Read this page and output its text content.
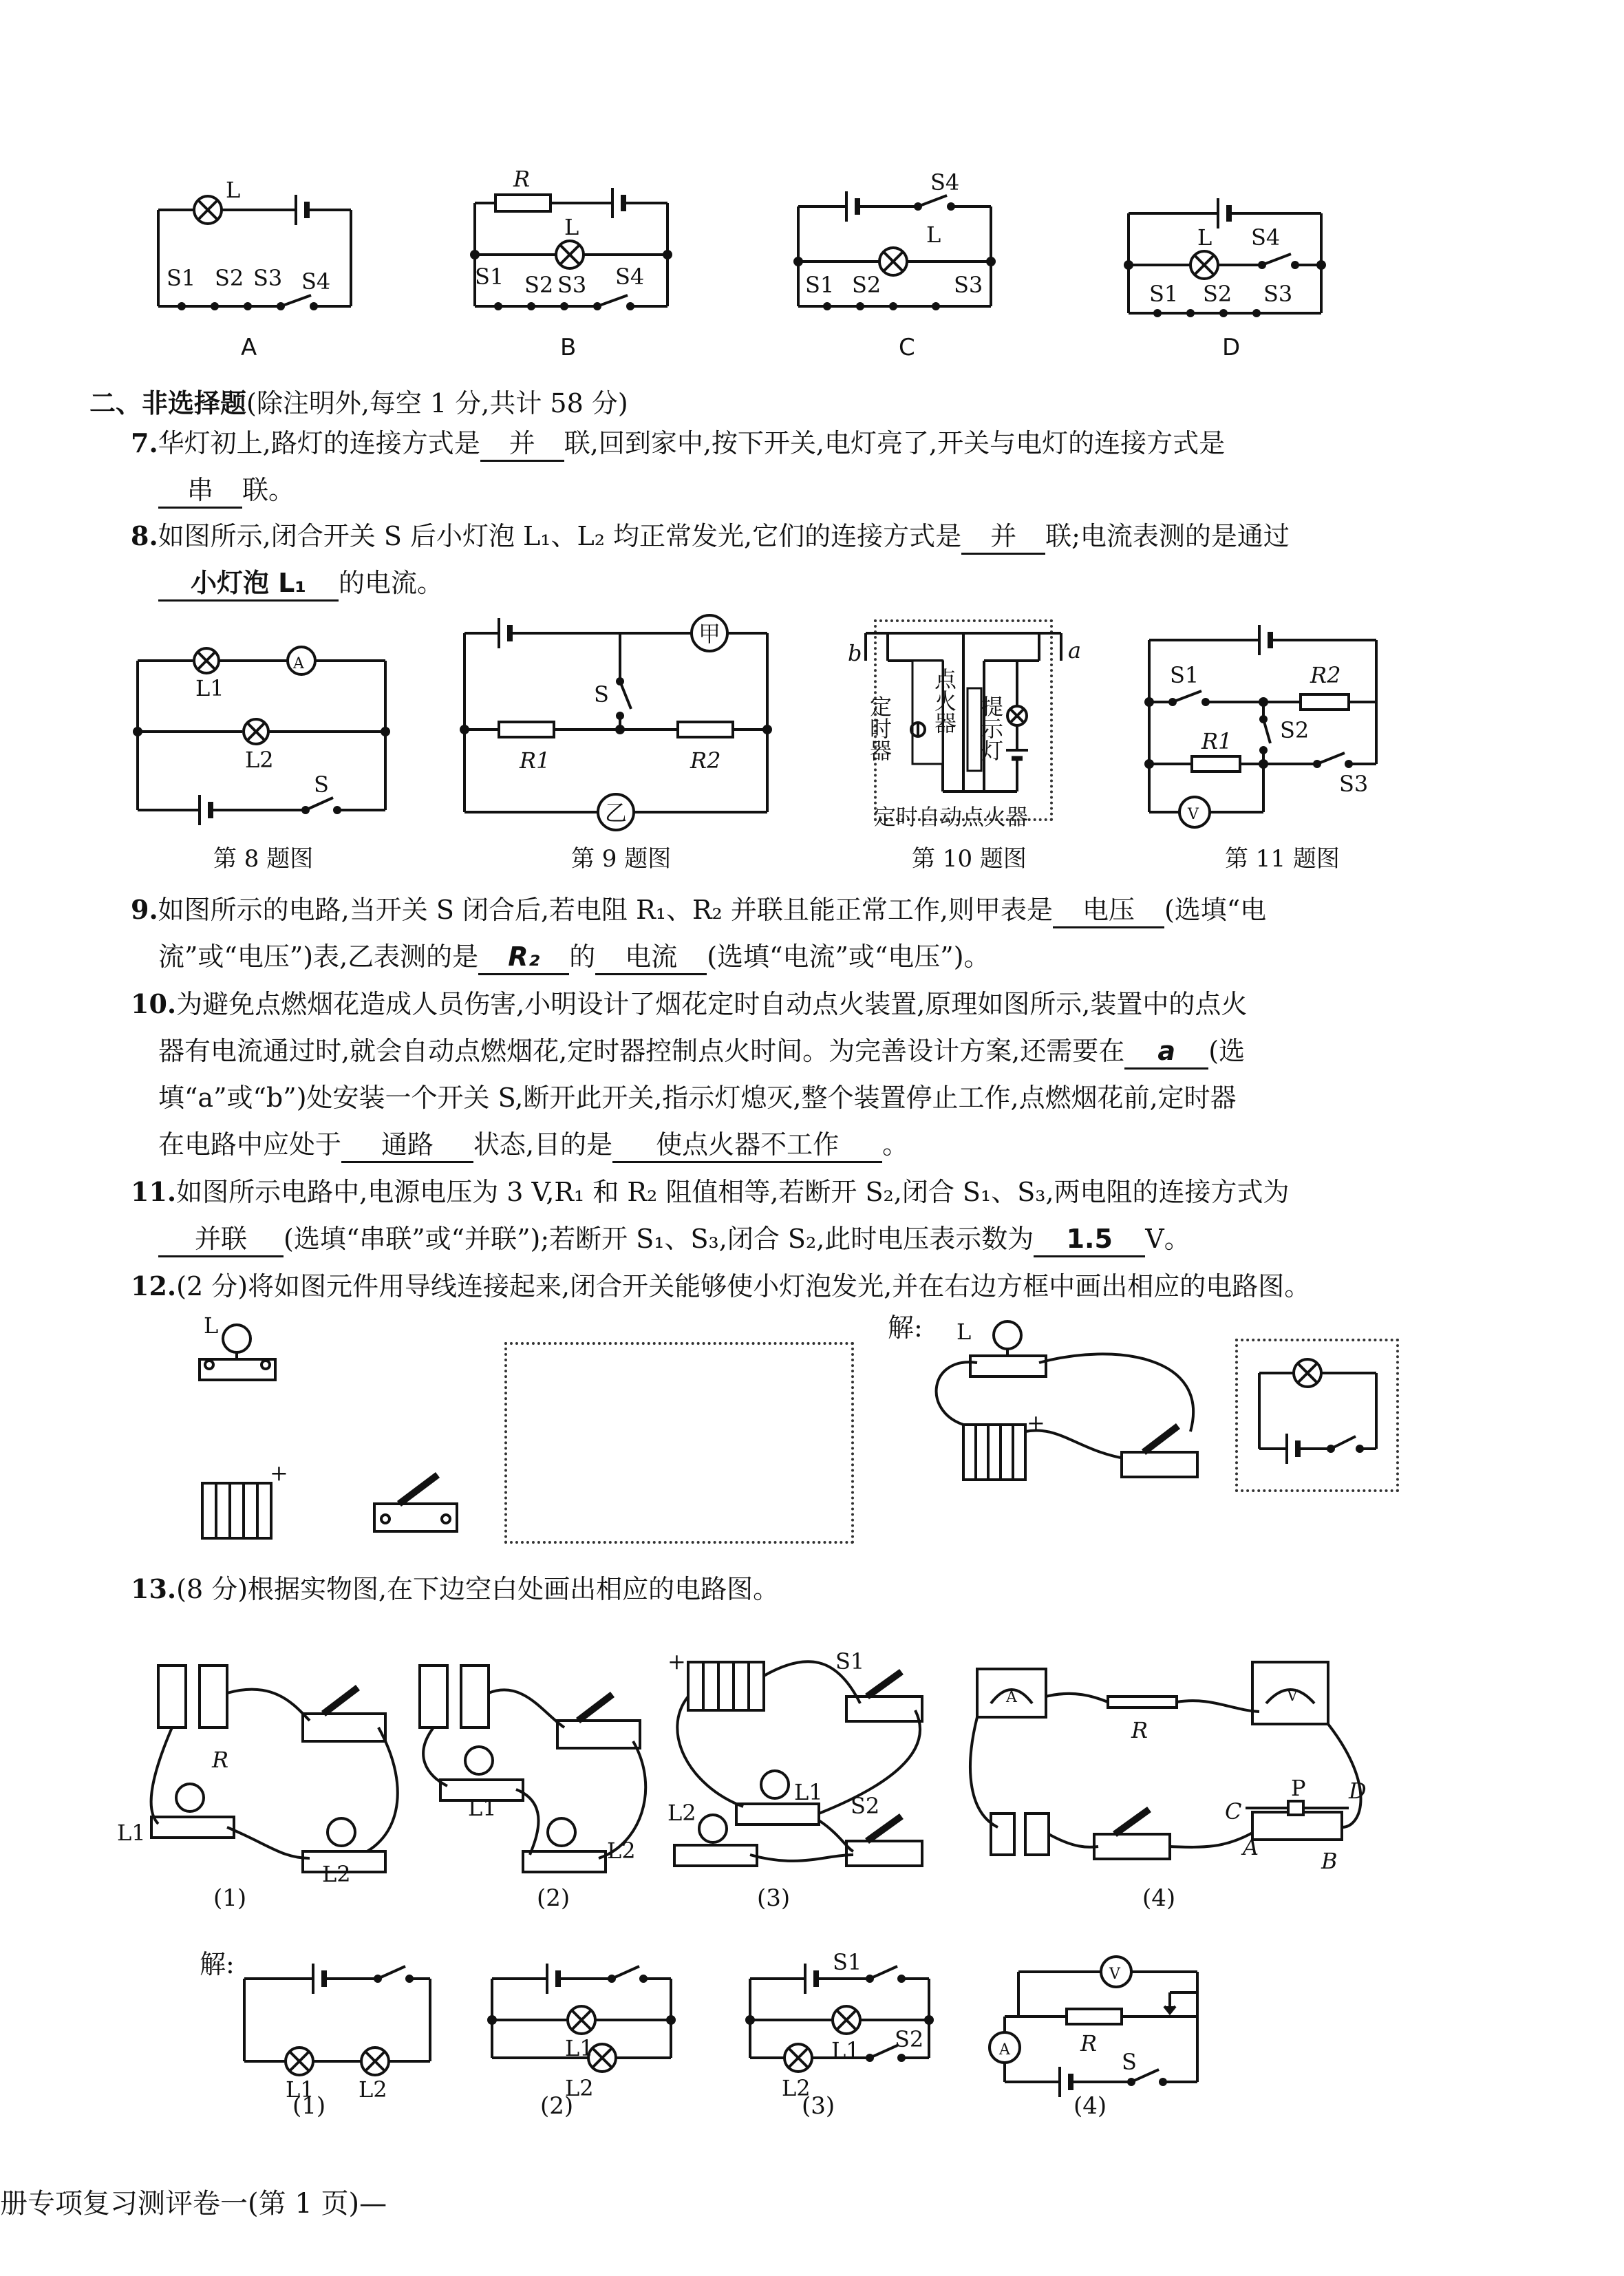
L
S1 S2 S3 S4
A
R
L
S1 S2 S3 S4
B
S4
L
S1 S2	S3
C
L S4
S1 S2 S3
D
二、非选择题(除注明外,每空 1 分,共计 58 分)
7.华灯初上,路灯的连接方式是 并 联,回到家中,按下开关,电灯亮了,开关与电灯的连接方式是
串 联。
8.如图所示,闭合开关 S 后小灯泡 L₁、L₂ 均正常发光,它们的连接方式是 并 联;电流表测的是通过
小灯泡 L₁ 的电流。
A
L1
L2
S
第 8 题图
甲
乙
S
R1	R2
第 9 题图
b	a
定时器 点火器 提示灯
定时自动点火器
第 10 题图
S1	R2
S2
R1
S3
V
第 11 题图
9.如图所示的电路,当开关 S 闭合后,若电阻 R₁、R₂ 并联且能正常工作,则甲表是 电压 (选填“电
流”或“电压”)表,乙表测的是 R₂ 的 电流 (选填“电流”或“电压”)。
10.为避免点燃烟花造成人员伤害,小明设计了烟花定时自动点火装置,原理如图所示,装置中的点火
器有电流通过时,就会自动点燃烟花,定时器控制点火时间。为完善设计方案,还需要在 a (选
填“a”或“b”)处安装一个开关 S,断开此开关,指示灯熄灭,整个装置停止工作,点燃烟花前,定时器
在电路中应处于 通路 状态,目的是 使点火器不工作 。
11.如图所示电路中,电源电压为 3 V,R₁ 和 R₂ 阻值相等,若断开 S₂,闭合 S₁、S₃,两电阻的连接方式为
并联 (选填“串联”或“并联”);若断开 S₁、S₃,闭合 S₂,此时电压表示数为 1.5 V。
12.(2 分)将如图元件用导线连接起来,闭合开关能够使小灯泡发光,并在右边方框中画出相应的电路图。
+
L	解: L
+
13.(8 分)根据实物图,在下边空白处画出相应的电路图。
R
L1
L2
(1)
L1
L2
(2)
+	S1
L1
S2
L2
(3)
A
R
V
P
C
D
A
B
(4)
解:
L1 L2
(1)
L1
L2
(2)
S1
L1 S2
L2
(3)
V
A	R
S
(4)
册专项复习测评卷一(第 1 页)—
